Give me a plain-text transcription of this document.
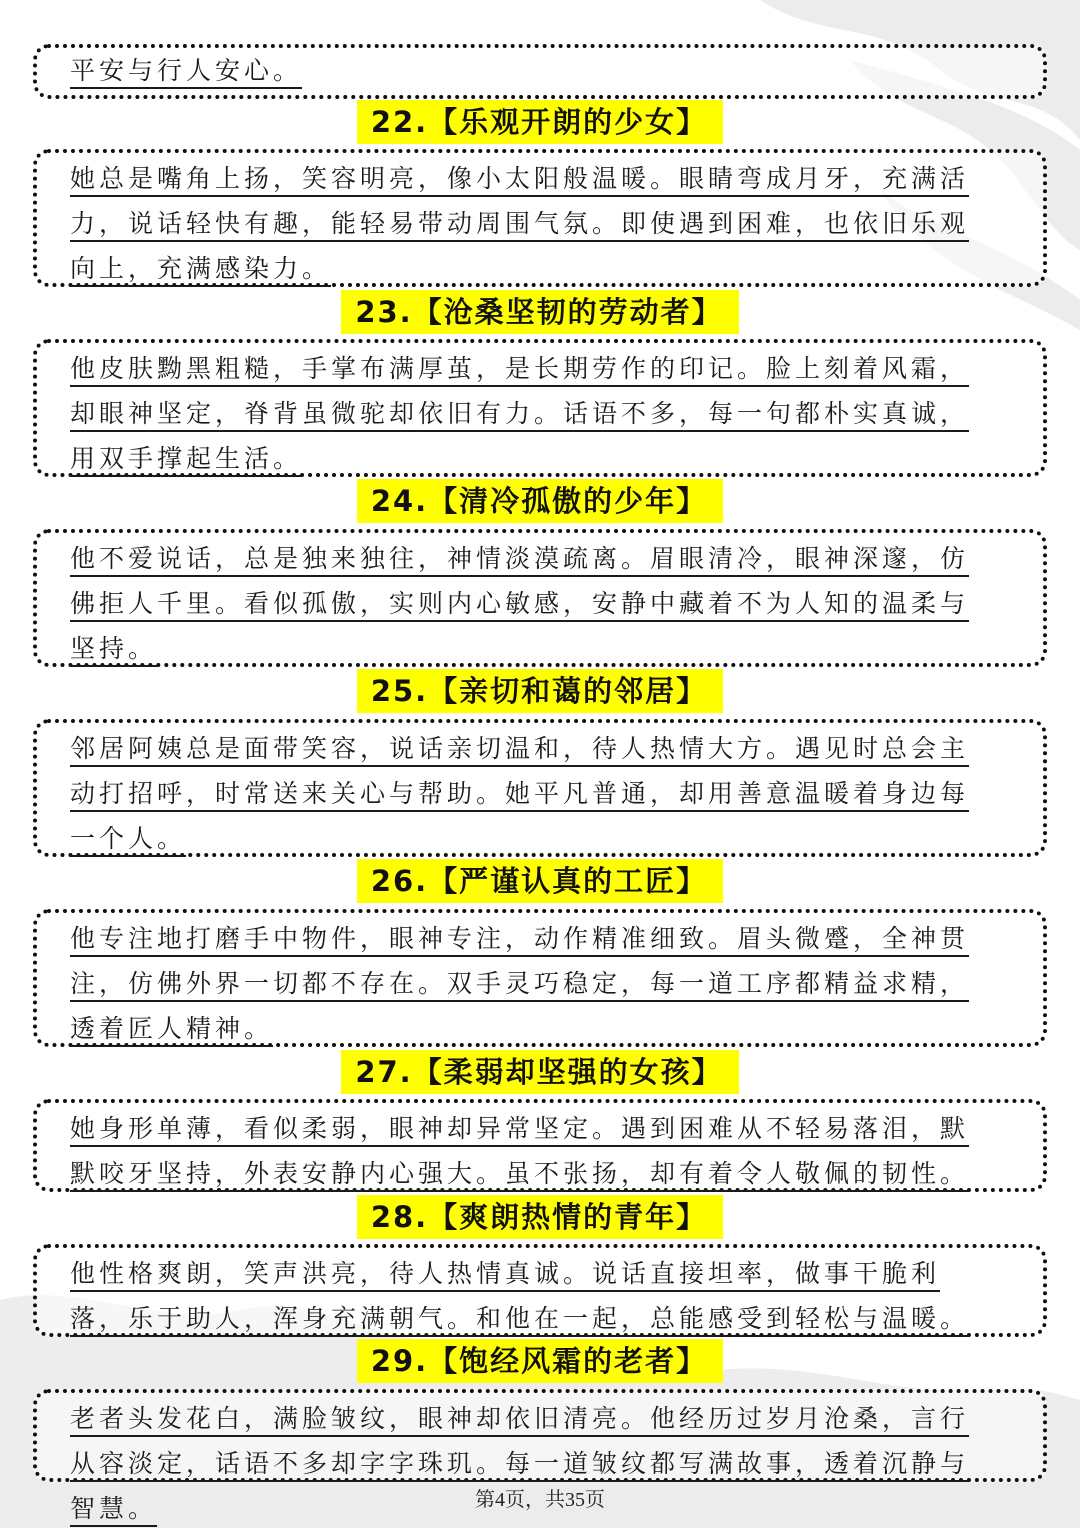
平安与行人安心。

22.【乐观开朗的少女】

她总是嘴角上扬，笑容明亮，像小太阳般温暖。眼睛弯成月牙，充满活力，说话轻快有趣，能轻易带动周围气氛。即使遇到困难，也依旧乐观向上，充满感染力。

23.【沧桑坚韧的劳动者】

他皮肤黝黑粗糙，手掌布满厚茧，是长期劳作的印记。脸上刻着风霜，却眼神坚定，脊背虽微驼却依旧有力。话语不多，每一句都朴实真诚，用双手撑起生活。

24.【清冷孤傲的少年】

他不爱说话，总是独来独往，神情淡漠疏离。眉眼清冷，眼神深邃，仿佛拒人千里。看似孤傲，实则内心敏感，安静中藏着不为人知的温柔与坚持。

25.【亲切和蔼的邻居】

邻居阿姨总是面带笑容，说话亲切温和，待人热情大方。遇见时总会主动打招呼，时常送来关心与帮助。她平凡普通，却用善意温暖着身边每一个人。

26.【严谨认真的工匠】

他专注地打磨手中物件，眼神专注，动作精准细致。眉头微蹙，全神贯注，仿佛外界一切都不存在。双手灵巧稳定，每一道工序都精益求精，透着匠人精神。

27.【柔弱却坚强的女孩】

她身形单薄，看似柔弱，眼神却异常坚定。遇到困难从不轻易落泪，默默咬牙坚持，外表安静内心强大。虽不张扬，却有着令人敬佩的韧性。

28.【爽朗热情的青年】

他性格爽朗，笑声洪亮，待人热情真诚。说话直接坦率，做事干脆利落，乐于助人，浑身充满朝气。和他在一起，总能感受到轻松与温暖。

29.【饱经风霜的老者】

老者头发花白，满脸皱纹，眼神却依旧清亮。他经历过岁月沧桑，言行从容淡定，话语不多却字字珠玑。每一道皱纹都写满故事，透着沉静与智慧。	第4页，共35页
